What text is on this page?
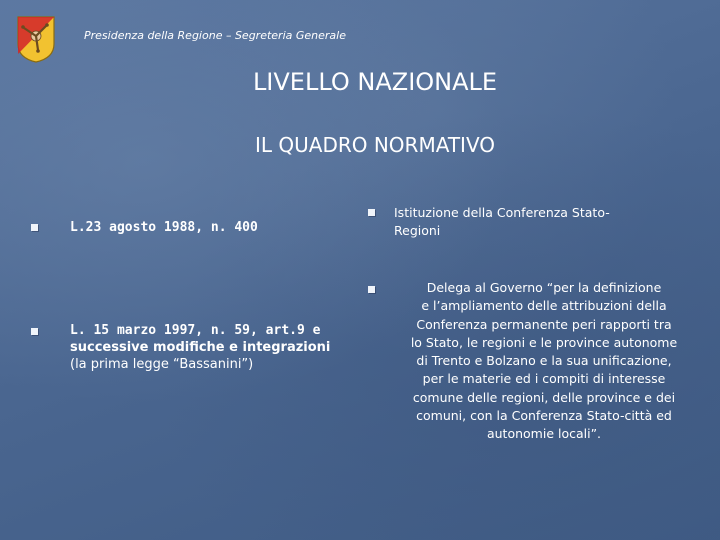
Presidenza della Regione – Segreteria Generale
LIVELLO NAZIONALE
IL QUADRO NORMATIVO
L.23 agosto 1988, n. 400
L. 15 marzo 1997, n. 59, art.9 e
successive modifiche e integrazioni
(la prima legge “Bassanini”)
Istituzione della Conferenza Stato-
Regioni
Delega al Governo “per la definizione
e l’ampliamento delle attribuzioni della
Conferenza permanente peri rapporti tra
lo Stato, le regioni e le province autonome
di Trento e Bolzano e la sua unificazione,
per le materie ed i compiti di interesse
comune delle regioni, delle province e dei
comuni, con la Conferenza Stato-città ed
autonomie locali”.
